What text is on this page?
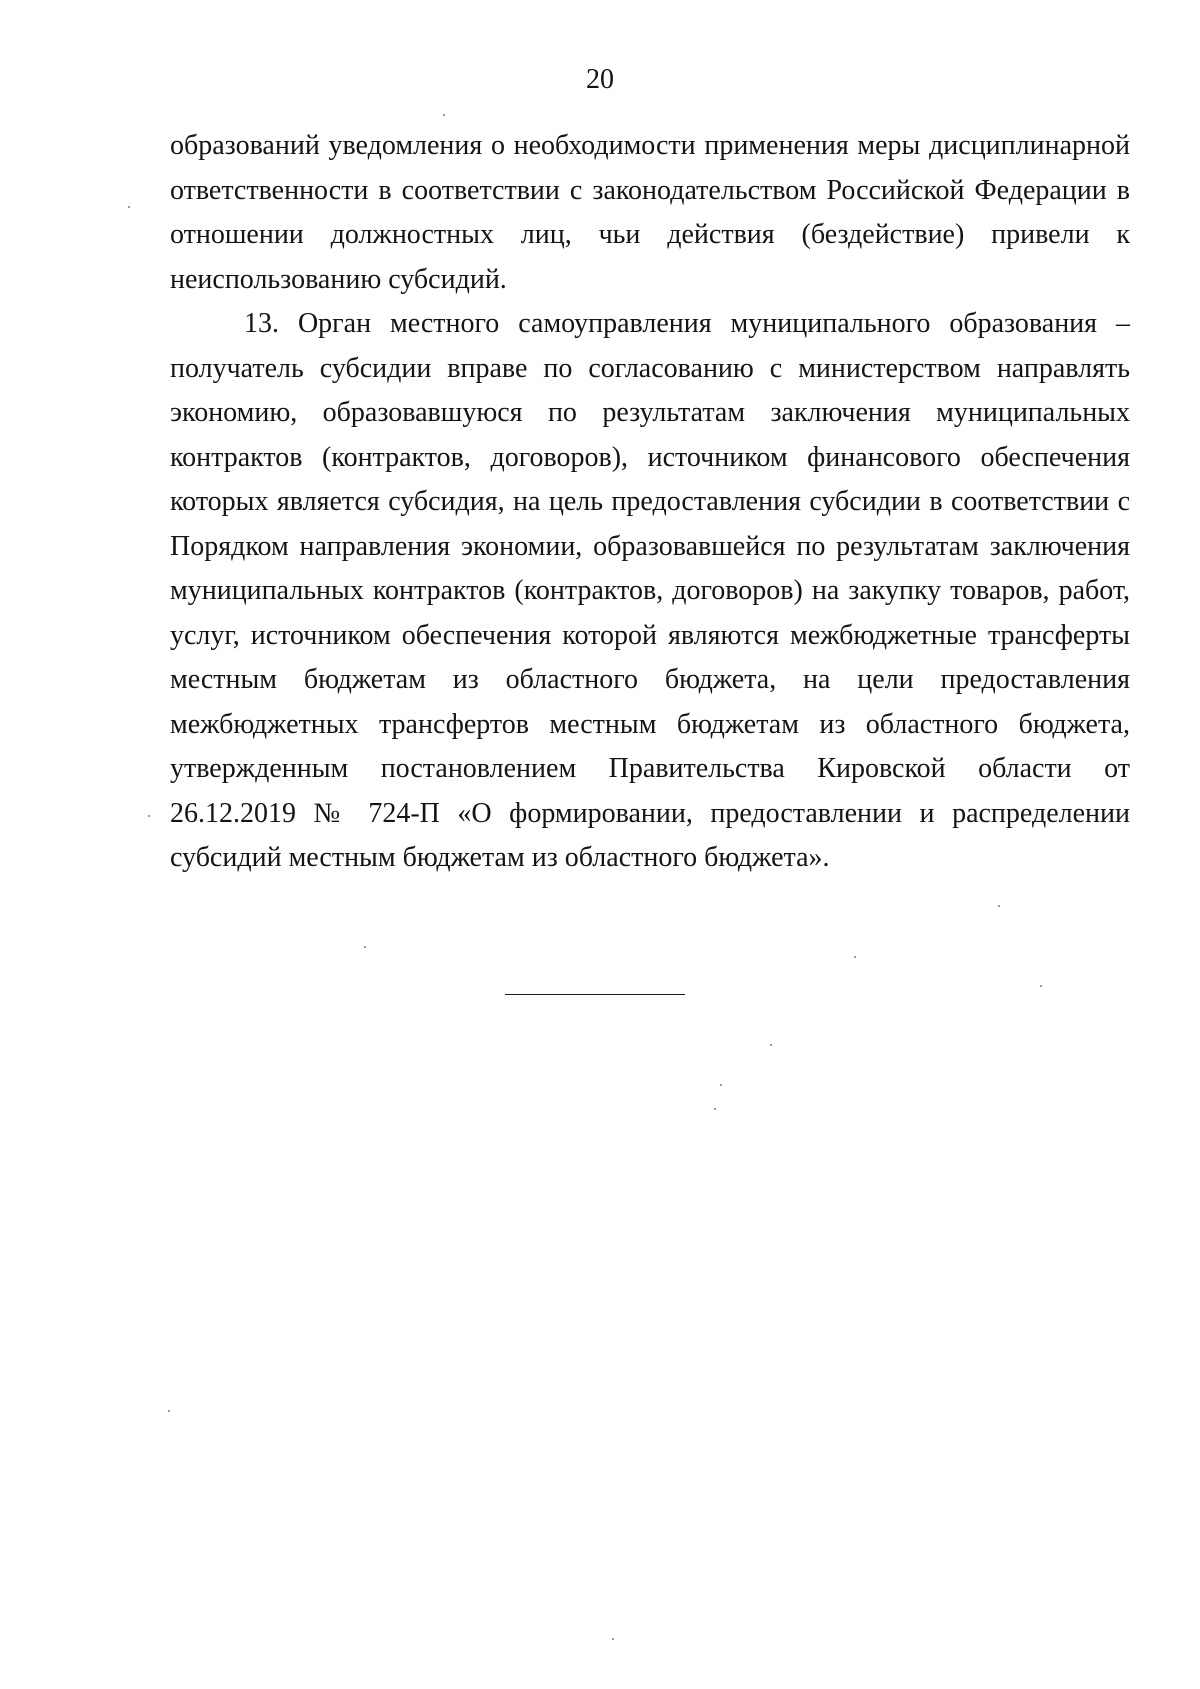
20

образований уведомления о необходимости применения меры дисциплинарной ответственности в соответствии с законодательством Российской Федерации в отношении должностных лиц, чьи действия (бездействие) привели к неиспользованию субсидий.

13. Орган местного самоуправления муниципального образования – получатель субсидии вправе по согласованию с министерством направлять экономию, образовавшуюся по результатам заключения муниципальных контрактов (контрактов, договоров), источником финансового обеспечения которых является субсидия, на цель предоставления субсидии в соответствии с Порядком направления экономии, образовавшейся по результатам заключения муниципальных контрактов (контрактов, договоров) на закупку товаров, работ, услуг, источником обеспечения которой являются межбюджетные трансферты местным бюджетам из областного бюджета, на цели предоставления межбюджетных трансфертов местным бюджетам из областного бюджета, утвержденным постановлением Правительства Кировской области от 26.12.2019 № 724-П «О формировании, предоставлении и распределении субсидий местным бюджетам из областного бюджета».
